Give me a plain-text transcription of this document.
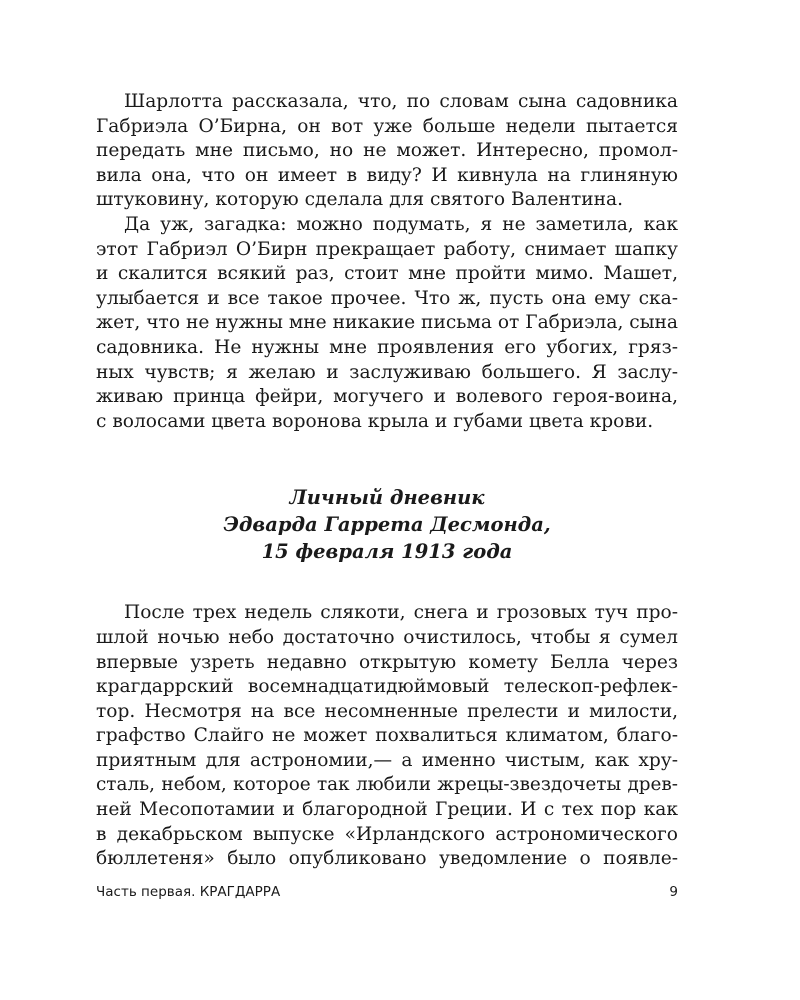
Шарлотта рассказала, что, по словам сына садовника
Габриэла О’Бирна, он вот уже больше недели пытается
передать мне письмо, но не может. Интересно, промол-
вила она, что он имеет в виду? И кивнула на глиняную
штуковину, которую сделала для святого Валентина.

Да уж, загадка: можно подумать, я не заметила, как
этот Габриэл О’Бирн прекращает работу, снимает шапку
и скалится всякий раз, стоит мне пройти мимо. Машет,
улыбается и все такое прочее. Что ж, пусть она ему ска-
жет, что не нужны мне никакие письма от Габриэла, сына
садовника. Не нужны мне проявления его убогих, гряз-
ных чувств; я желаю и заслуживаю большего. Я заслу-
живаю принца фейри, могучего и волевого героя-воина,
с волосами цвета воронова крыла и губами цвета крови.

Личный дневник
Эдварда Гаррета Десмонда,
15 февраля 1913 года

После трех недель слякоти, снега и грозовых туч про-
шлой ночью небо достаточно очистилось, чтобы я сумел
впервые узреть недавно открытую комету Белла через
крагдаррский восемнадцатидюймовый телескоп-рефлек-
тор. Несмотря на все несомненные прелести и милости,
графство Слайго не может похвалиться климатом, благо-
приятным для астрономии,— а именно чистым, как хру-
сталь, небом, которое так любили жрецы-звездочеты древ-
ней Месопотамии и благородной Греции. И с тех пор как
в декабрьском выпуске «Ирландского астрономического
бюллетеня» было опубликовано уведомление о появле-

Часть первая. КРАГДАРРА	9
